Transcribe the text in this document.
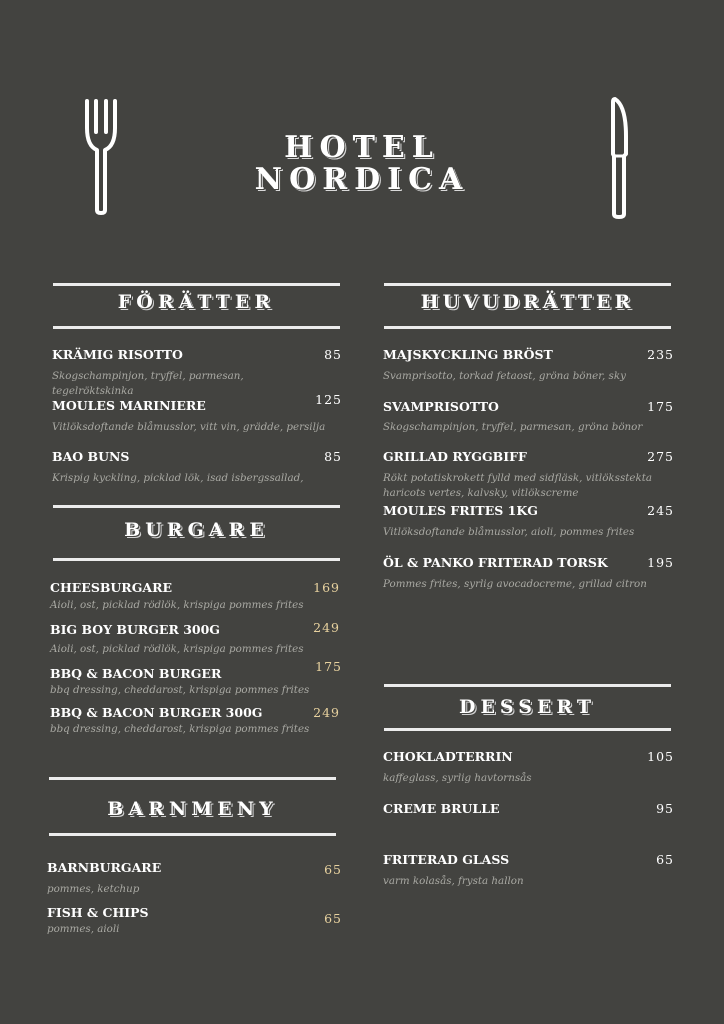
HOTEL
NORDICA
FÖRÄTTER
KRÄMIG RISOTTO	85
Skogschampinjon, tryffel, parmesan, tegelröktskinka
MOULES MARINIERE	125
Vitlöksdoftande blåmusslor, vitt vin, grädde, persilja
BAO BUNS	85
Krispig kyckling, picklad lök, isad isbergssallad,
BURGARE
CHEESBURGARE	169
Aioli, ost, picklad rödlök, krispiga pommes frites
BIG BOY BURGER 300G	249
Aioli, ost, picklad rödlök, krispiga pommes frites
BBQ & BACON BURGER	175
bbq dressing, cheddarost, krispiga pommes frites
BBQ & BACON BURGER 300G	249
bbq dressing, cheddarost, krispiga pommes frites
BARNMENY
BARNBURGARE	65
pommes, ketchup
FISH & CHIPS	65
pommes, aioli
HUVUDRÄTTER
MAJSKYCKLING BRÖST	235
Svamprisotto, torkad fetaost, gröna böner, sky
SVAMPRISOTTO	175
Skogschampinjon, tryffel, parmesan, gröna bönor
GRILLAD RYGGBIFF	275
Rökt potatiskrokett fylld med sidfläsk, vitlöksstekta haricots vertes, kalvsky, vitlökscreme
MOULES FRITES 1KG	245
Vitlöksdoftande blåmusslor, aioli, pommes frites
ÖL & PANKO FRITERAD TORSK	195
Pommes frites, syrlig avocadocreme, grillad citron
DESSERT
CHOKLADTERRIN	105
kaffeglass, syrlig havtornsås
CREME BRULLE	95
FRITERAD GLASS	65
varm kolasås, frysta hallon
